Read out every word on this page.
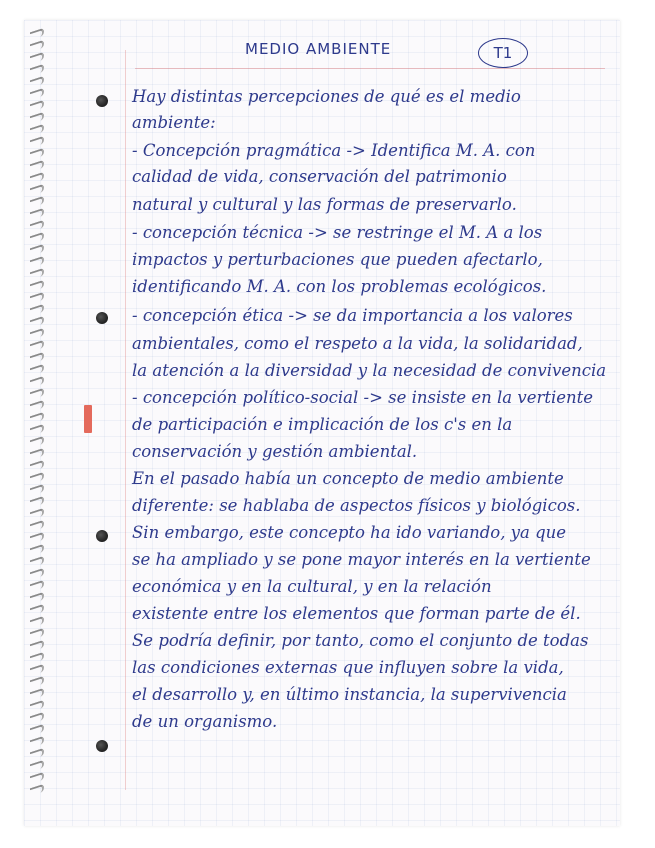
MEDIO AMBIENTE	T1
Hay distintas percepciones de qué es el medio
ambiente:
- Concepción pragmática -> Identifica M. A. con
calidad de vida, conservación del patrimonio
natural y cultural y las formas de preservarlo.
- concepción técnica -> se restringe el M. A a los
impactos y perturbaciones que pueden afectarlo,
identificando M. A. con los problemas ecológicos.
- concepción ética -> se da importancia a los valores
ambientales, como el respeto a la vida, la solidaridad,
la atención a la diversidad y la necesidad de convivencia
- concepción político-social -> se insiste en la vertiente
de participación e implicación de los c's en la
conservación y gestión ambiental.
En el pasado había un concepto de medio ambiente
diferente: se hablaba de aspectos físicos y biológicos.
Sin embargo, este concepto ha ido variando, ya que
se ha ampliado y se pone mayor interés en la vertiente
económica y en la cultural, y en la relación
existente entre los elementos que forman parte de él.
Se podría definir, por tanto, como el conjunto de todas
las condiciones externas que influyen sobre la vida,
el desarrollo y, en último instancia, la supervivencia
de un organismo.
